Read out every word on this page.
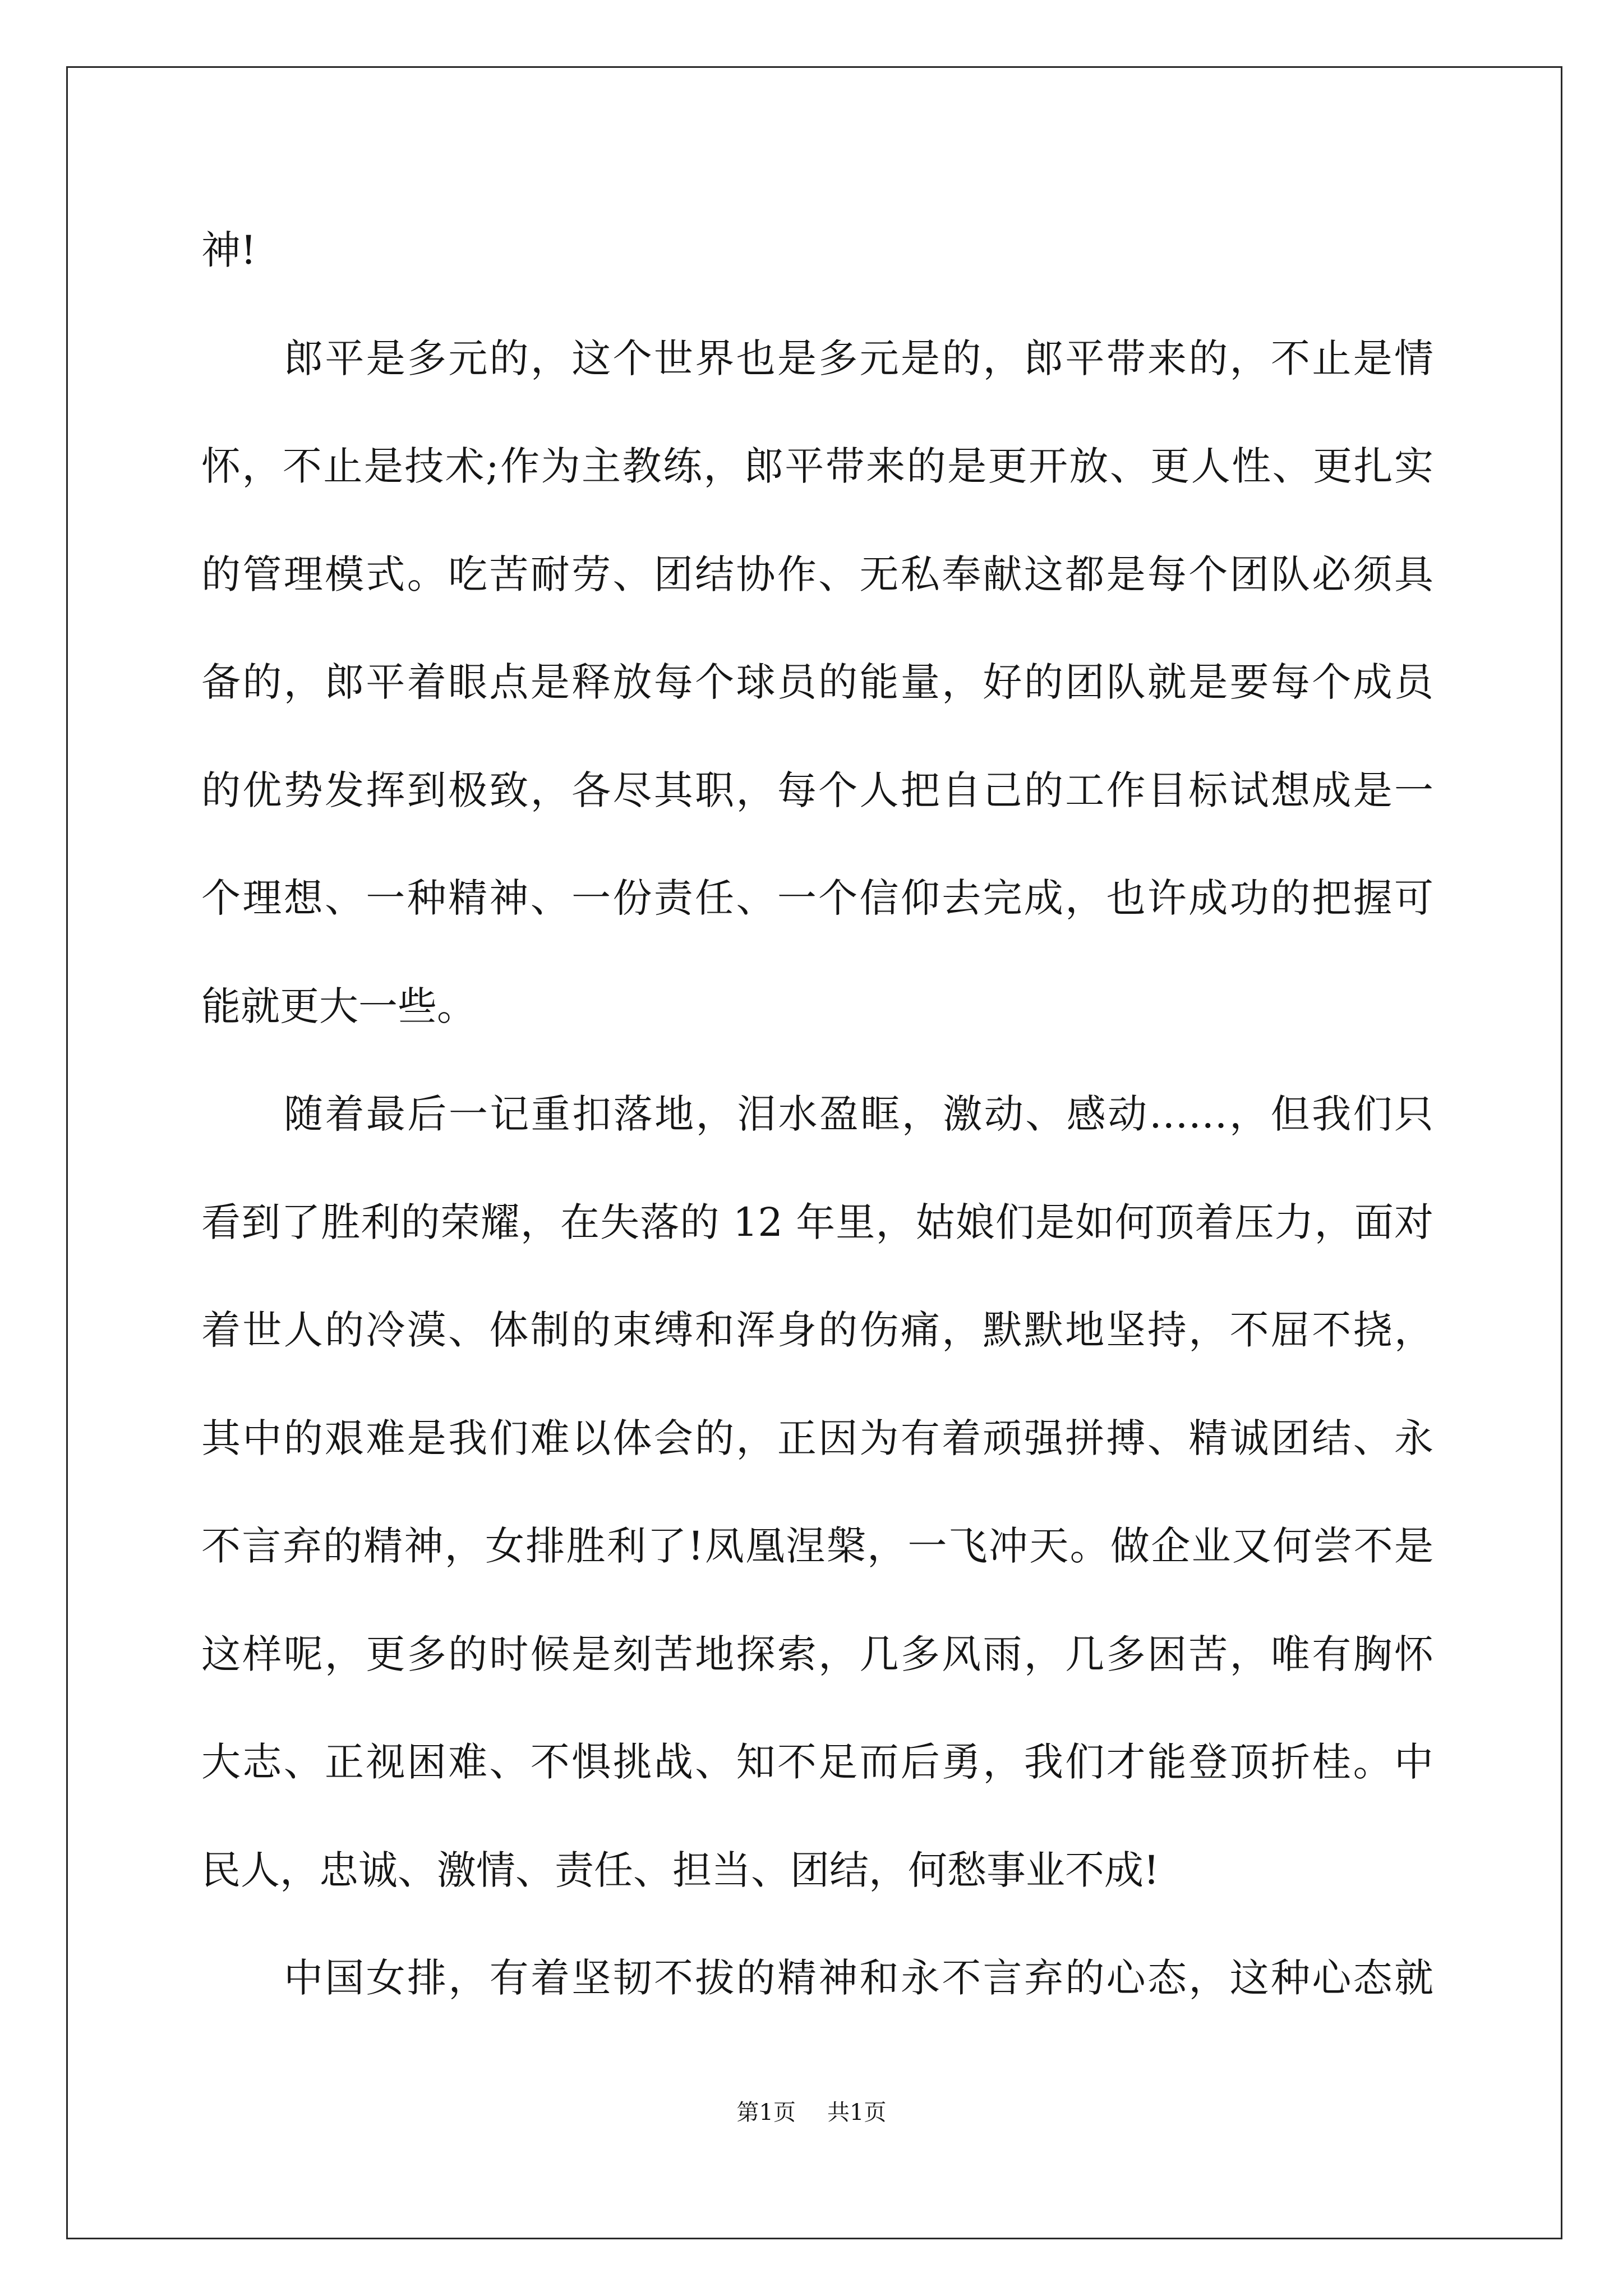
神!
郎平是多元的，这个世界也是多元是的，郎平带来的，不止是情
怀，不止是技术;作为主教练，郎平带来的是更开放、更人性、更扎实
的管理模式。吃苦耐劳、团结协作、无私奉献这都是每个团队必须具
备的，郎平着眼点是释放每个球员的能量，好的团队就是要每个成员
的优势发挥到极致，各尽其职，每个人把自己的工作目标试想成是一
个理想、一种精神、一份责任、一个信仰去完成，也许成功的把握可
能就更大一些。
随着最后一记重扣落地，泪水盈眶，激动、感动……，但我们只
看到了胜利的荣耀，在失落的 12 年里，姑娘们是如何顶着压力，面对
着世人的冷漠、体制的束缚和浑身的伤痛，默默地坚持，不屈不挠，
其中的艰难是我们难以体会的，正因为有着顽强拼搏、精诚团结、永
不言弃的精神，女排胜利了!凤凰涅槃，一飞冲天。做企业又何尝不是
这样呢，更多的时候是刻苦地探索，几多风雨，几多困苦，唯有胸怀
大志、正视困难、不惧挑战、知不足而后勇，我们才能登顶折桂。中
民人，忠诚、激情、责任、担当、团结，何愁事业不成!
中国女排，有着坚韧不拔的精神和永不言弃的心态，这种心态就
第1页 共1页
